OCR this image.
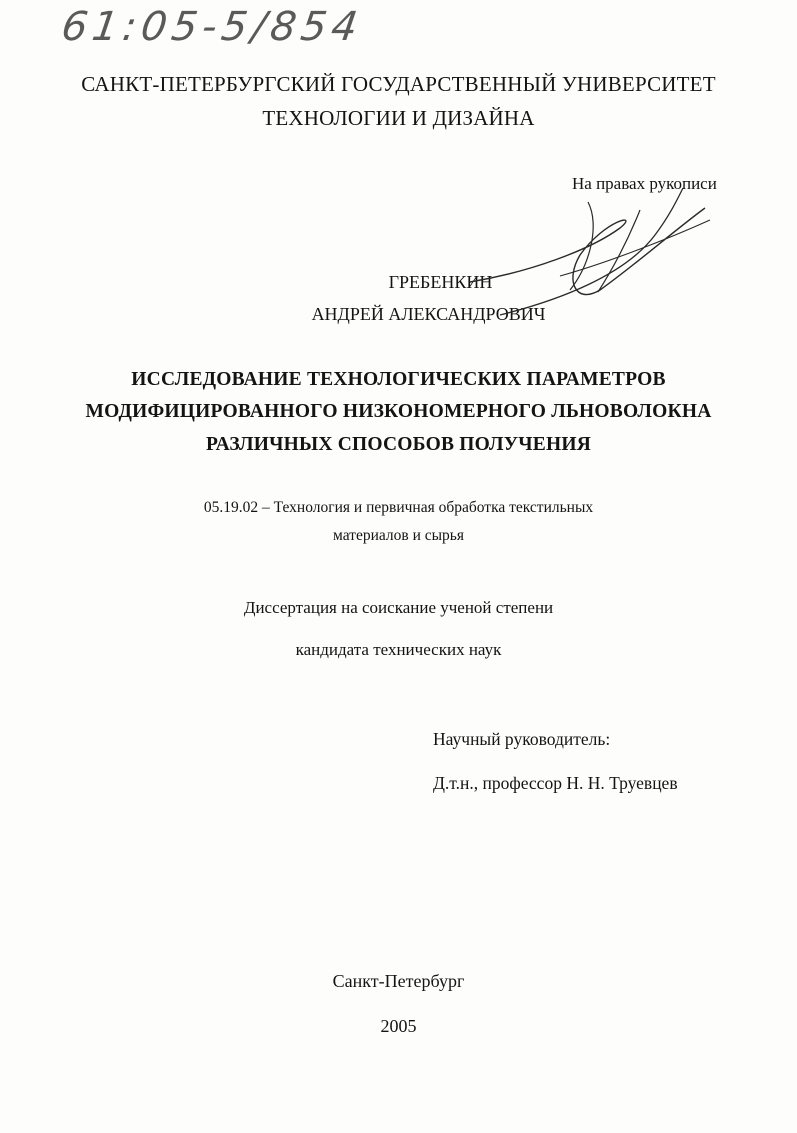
61:05-5/854
САНКТ-ПЕТЕРБУРГСКИЙ ГОСУДАРСТВЕННЫЙ УНИВЕРСИТЕТ
ТЕХНОЛОГИИ И ДИЗАЙНА
На правах рукописи
ГРЕБЕНКИН
АНДРЕЙ АЛЕКСАНДРОВИЧ
ИССЛЕДОВАНИЕ ТЕХНОЛОГИЧЕСКИХ ПАРАМЕТРОВ
МОДИФИЦИРОВАННОГО НИЗКОНОМЕРНОГО ЛЬНОВОЛОКНА
РАЗЛИЧНЫХ СПОСОБОВ ПОЛУЧЕНИЯ
05.19.02 – Технология и первичная обработка текстильных
материалов и сырья
Диссертация на соискание ученой степени
кандидата технических наук
Научный руководитель:
Д.т.н., профессор Н. Н. Труевцев
Санкт-Петербург
2005
